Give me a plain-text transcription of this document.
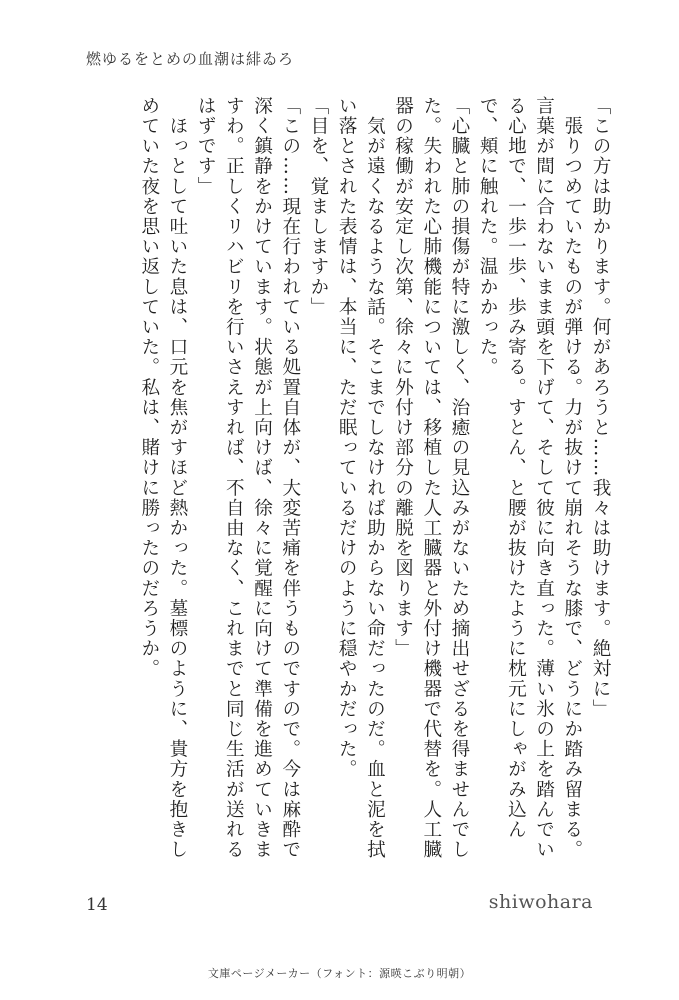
燃ゆるをとめの血潮は緋ゐろ

「この方は助かります。何があろうと……我々は助けます。絶対に」

　張りつめていたものが弾ける。力が抜けて崩れそうな膝で、どうにか踏み留まる。言葉が間に合わないまま頭を下げて、そして彼に向き直った。薄い氷の上を踏んでいる心地で、一歩一歩、歩み寄る。すとん、と腰が抜けたように枕元にしゃがみ込んで、頬に触れた。温かかった。

「心臓と肺の損傷が特に激しく、治癒の見込みがないため摘出せざるを得ませんでした。失われた心肺機能については、移植した人工臓器と外付け機器で代替を。人工臓器の稼働が安定し次第、徐々に外付け部分の離脱を図ります」

　気が遠くなるような話。そこまでしなければ助からない命だったのだ。血と泥を拭い落とされた表情は、本当に、ただ眠っているだけのように穏やかだった。

「目を、覚ましますか」

「この……現在行われている処置自体が、大変苦痛を伴うものですので。今は麻酔で深く鎮静をかけています。状態が上向けば、徐々に覚醒に向けて準備を進めていきますわ。正しくリハビリを行いさえすれば、不自由なく、これまでと同じ生活が送れるはずです」

　ほっとして吐いた息は、口元を焦がすほど熱かった。墓標のように、貴方を抱きしめていた夜を思い返していた。私は、賭けに勝ったのだろうか。

14	shiwohara
文庫ページメーカー（フォント：源暎こぶり明朝）
